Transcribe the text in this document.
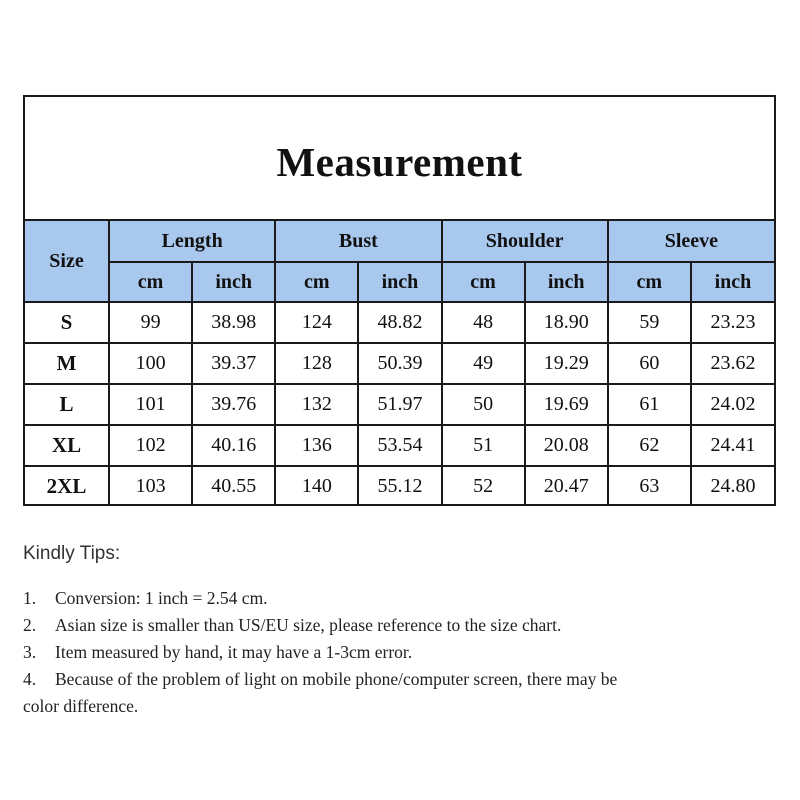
Measurement
Size	Length		Bust		Shoulder		Sleeve	
	cm	inch	cm	inch	cm	inch	cm	inch
S	99	38.98	124	48.82	48	18.90	59	23.23
M	100	39.37	128	50.39	49	19.29	60	23.62
L	101	39.76	132	51.97	50	19.69	61	24.02
XL	102	40.16	136	53.54	51	20.08	62	24.41
2XL	103	40.55	140	55.12	52	20.47	63	24.80
Kindly Tips:
1.	Conversion: 1 inch = 2.54 cm.
2.	Asian size is smaller than US/EU size, please reference to the size chart.
3.	Item measured by hand, it may have a 1-3cm error.
4.	Because of the problem of light on mobile phone/computer screen, there may be
color difference.
